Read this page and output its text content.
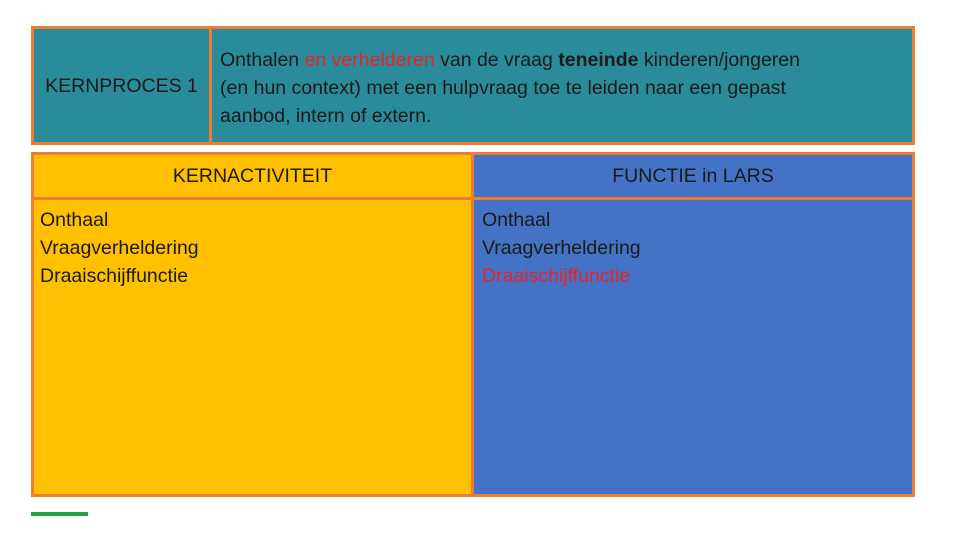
KERNPROCES 1
Onthalen en verhelderen van de vraag teneinde kinderen/jongeren
(en hun context) met een hulpvraag toe te leiden naar een gepast
aanbod, intern of extern.
KERNACTIVITEIT	FUNCTIE in LARS
Onthaal
Vraagverheldering
Draaischijffunctie
Onthaal
Vraagverheldering
Draaischijffunctie
